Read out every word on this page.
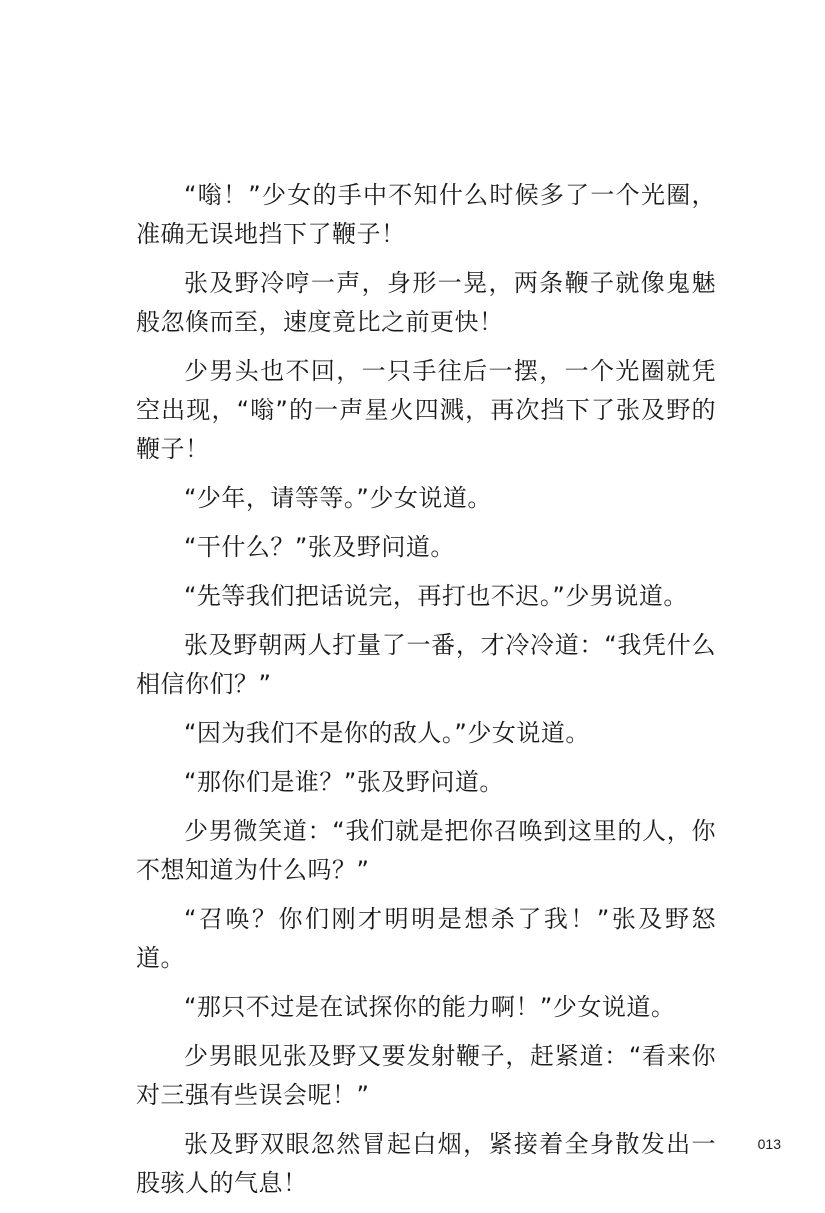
“嗡！”少女的手中不知什么时候多了一个光圈，准确无误地挡下了鞭子！

张及野冷哼一声，身形一晃，两条鞭子就像鬼魅般忽倏而至，速度竟比之前更快！

少男头也不回，一只手往后一摆，一个光圈就凭空出现，“嗡”的一声星火四溅，再次挡下了张及野的鞭子！

“少年，请等等。”少女说道。

“干什么？”张及野问道。

“先等我们把话说完，再打也不迟。”少男说道。

张及野朝两人打量了一番，才冷冷道：“我凭什么相信你们？”

“因为我们不是你的敌人。”少女说道。

“那你们是谁？”张及野问道。

少男微笑道：“我们就是把你召唤到这里的人，你不想知道为什么吗？”

“召唤？你们刚才明明是想杀了我！”张及野怒道。

“那只不过是在试探你的能力啊！”少女说道。

少男眼见张及野又要发射鞭子，赶紧道：“看来你对三强有些误会呢！”

张及野双眼忽然冒起白烟，紧接着全身散发出一股骇人的气息！

013
